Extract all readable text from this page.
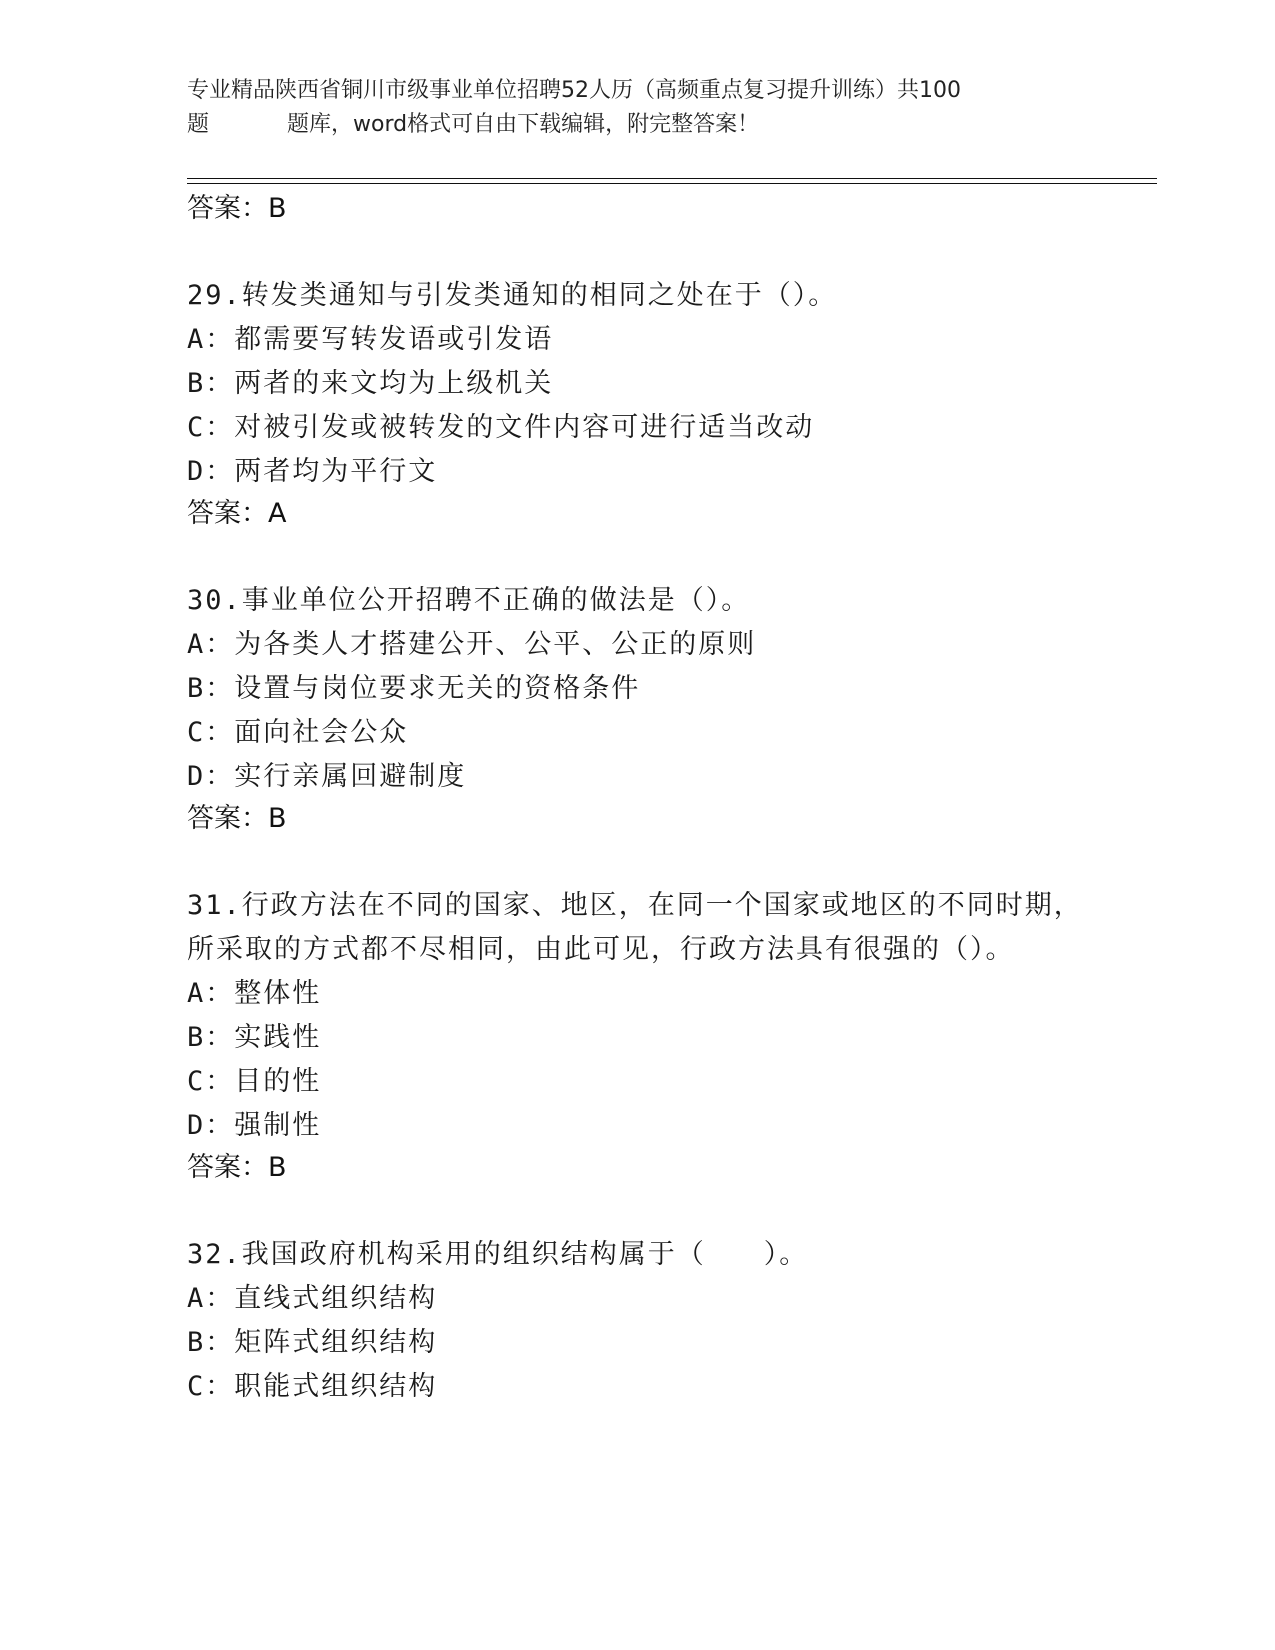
专业精品陕西省铜川市级事业单位招聘52人历（高频重点复习提升训练）共100
题	题库，word格式可自由下载编辑，附完整答案！
答案：B
29.转发类通知与引发类通知的相同之处在于（）。
A：都需要写转发语或引发语
B：两者的来文均为上级机关
C：对被引发或被转发的文件内容可进行适当改动
D：两者均为平行文
答案：A
30.事业单位公开招聘不正确的做法是（）。
A：为各类人才搭建公开、公平、公正的原则
B：设置与岗位要求无关的资格条件
C：面向社会公众
D：实行亲属回避制度
答案：B
31.行政方法在不同的国家、地区，在同一个国家或地区的不同时期，
所采取的方式都不尽相同，由此可见，行政方法具有很强的（）。
A：整体性
B：实践性
C：目的性
D：强制性
答案：B
32.我国政府机构采用的组织结构属于（　　）。
A：直线式组织结构
B：矩阵式组织结构
C：职能式组织结构
